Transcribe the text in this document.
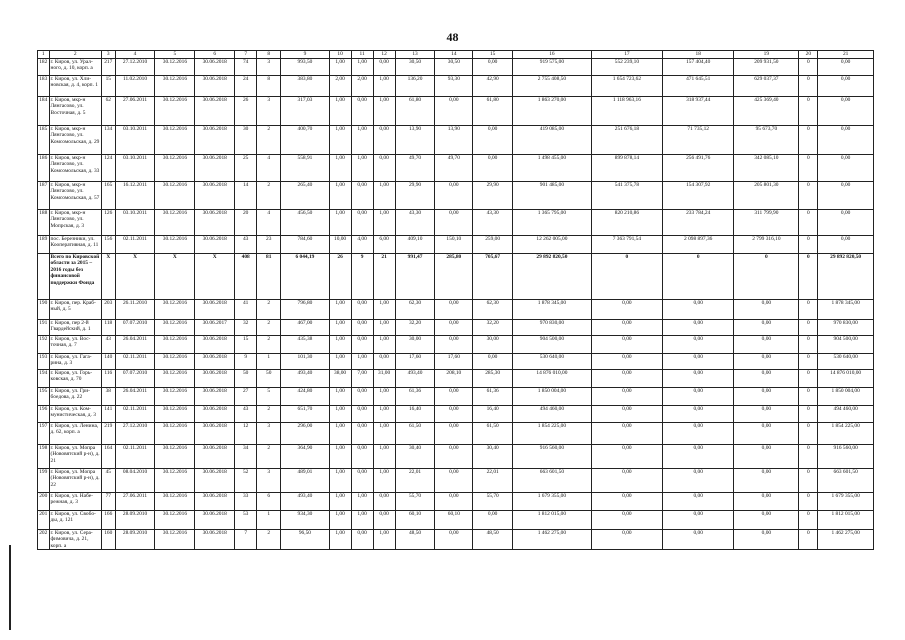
48
1	2	3	4	5	6	7	8	9	10	11	12	13	14	15	16	17	18	19	20	21
182	г. Киров, ул. Урал-ного, д. 10, корп. а	217	27.12.2010	30.12.2016	30.06.2018	74	3	993,50	1,00	1,00	0,00	30,50	30,50	0,00	919 575,00	552 239,10	157 404,40	209 931,50	0	0,00
183	г. Киров, ул. Хли-новская, д. 4, корп. 1	15	11.02.2010	30.12.2016	30.06.2018	24	8	383,80	2,00	2,00	1,00	136,20	93,30	42,90	2 755 408,50	1 654 723,62	471 645,51	629 037,37	0	0,00
184	г. Киров, мкр-н Лянгасово, ул. Восточная, д. 5	62	27.06.2011	30.12.2016	30.06.2018	26	3	317,03	1,00	0,00	1,00	61,80	0,00	61,80	1 863 270,00	1 118 963,16	318 937,44	425 369,40	0	0,00
185	г. Киров, мкр-н Лянгасово, ул. Комсомольская, д. 29	134	03.10.2011	30.12.2016	30.06.2018	30	2	400,70	1,00	1,00	0,00	13,90	13,90	0,00	419 085,00	251 676,18	71 735,12	95 673,70	0	0,00
186	г. Киров, мкр-н Лянгасово, ул. Комсомольская, д. 33	124	03.10.2011	30.12.2016	30.06.2018	25	4	558,91	1,00	1,00	0,00	49,70	49,70	0,00	1 498 455,00	899 878,14	256 491,76	342 085,10	0	0,00
187	г. Киров, мкр-н Лянгасово, ул. Комсомольская, д. 57	165	16.12.2011	30.12.2016	30.06.2018	14	2	265,40	1,00	0,00	1,00	29,90	0,00	29,90	901 485,00	541 375,78	154 307,92	205 801,30	0	0,00
188	г. Киров, мкр-н Лянгасово, ул. Мопрская, д. 3	126	03.10.2011	30.12.2016	30.06.2018	20	4	456,50	1,00	0,00	1,00	43,30	0,00	43,30	1 365 795,00	820 210,86	233 784,24	311 799,90	0	0,00
189	пос. Березники, ул. Кооперативная, д. 11	156	02.11.2011	30.12.2016	30.06.2018	43	23	784,60	10,00	4,00	6,00	409,10	150,10	259,00	12 262 005,00	7 363 791,54	2 098 897,36	2 799 316,10	0	0,00
	Всего по Кировской области за 2015 – 2016 годы без финансовой поддержки Фонда	X	X	X	X	408	81	6 044,19	26	9	21	991,47	285,80	705,67	29 892 820,50	0	0	0	0	29 892 820,50
190	г. Киров, пер. Краб-ный, д. 5	203	26.11.2010	30.12.2016	30.06.2018	41	2	796,80	1,00	0,00	1,00	62,30	0,00	62,30	1 878 345,00	0,00	0,00	0,00	0	1 878 345,00
191	г. Киров, пер 2-й Гвардейский, д. 1	118	07.07.2010	30.12.2016	30.06.2017	32	2	467,00	1,00	0,00	1,00	32,20	0,00	32,20	970 830,00	0,00	0,00	0,00	0	970 830,00
192	г. Киров, ул. Вос-точная, д. 7	43	26.04.2011	30.12.2016	30.06.2018	15	2	435,38	1,00	0,00	1,00	30,00	0,00	30,00	904 500,00	0,00	0,00	0,00	0	904 500,00
193	г. Киров, ул. Гага-рина, д. 3	140	02.11.2011	30.12.2016	30.06.2018	9	1	101,30	1,00	1,00	0,00	17,60	17,60	0,00	530 640,00	0,00	0,00	0,00	0	530 640,00
194	г. Киров, ул. Горь-ковская, д. 70	116	07.07.2010	30.12.2016	30.06.2018	50	50	493,40	38,00	7,00	31,00	493,40	208,10	285,30	14 876 010,00	0,00	0,00	0,00	0	14 876 010,00
195	г. Киров, ул. Гри-боедова, д. 22	38	26.04.2011	30.12.2016	30.06.2018	27	5	424,80	1,00	0,00	1,00	61,36	0,00	61,36	1 850 004,00	0,00	0,00	0,00	0	1 850 004,00
196	г. Киров, ул. Ком-мунистическая, д. 3	141	02.11.2011	30.12.2016	30.06.2018	43	2	651,70	1,00	0,00	1,00	16,40	0,00	16,40	494 460,00	0,00	0,00	0,00	0	494 460,00
197	г. Киров, ул. Ленина, д. 62, корп. а	219	27.12.2010	30.12.2016	30.06.2018	12	3	296,00	1,00	0,00	1,00	61,50	0,00	61,50	1 854 225,00	0,00	0,00	0,00	0	1 854 225,00
198	г. Киров, ул. Мопра (Нововятский р-н), д. 21	164	02.11.2011	30.12.2016	30.06.2018	34	2	364,90	1,00	0,00	1,00	30,40	0,00	30,40	916 560,00	0,00	0,00	0,00	0	916 560,00
199	г. Киров, ул. Мопра (Нововятский р-н), д. 22	45	08.04.2010	30.12.2016	30.06.2018	52	3	489,01	1,00	0,00	1,00	22,01	0,00	22,01	663 601,50	0,00	0,00	0,00	0	663 601,50
200	г. Киров, ул. Набе-режная, д. 3	77	27.06.2011	30.12.2016	30.06.2018	33	6	493,40	1,00	1,00	0,00	55,70	0,00	55,70	1 679 355,00	0,00	0,00	0,00	0	1 679 355,00
201	г. Киров, ул. Свобо-ды, д. 121	166	28.09.2010	30.12.2016	30.06.2018	53	1	934,30	1,00	1,00	0,00	60,10	60,10	0,00	1 812 015,00	0,00	0,00	0,00	0	1 812 015,00
202	г. Киров, ул. Сера-фимовича, д. 21, корп. а	160	28.09.2010	30.12.2016	30.06.2018	7	2	96,50	1,00	0,00	1,00	48,50	0,00	48,50	1 462 275,00	0,00	0,00	0,00	0	1 462 275,00
